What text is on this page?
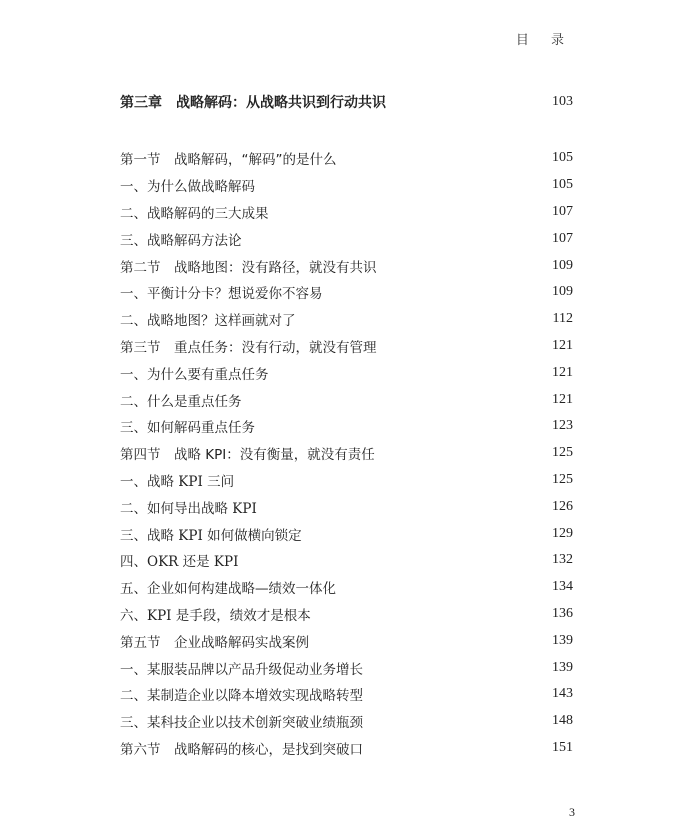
目 录
第三章　战略解码：从战略共识到行动共识	103
第一节　战略解码，“解码”的是什么	105
一、为什么做战略解码	105
二、战略解码的三大成果	107
三、战略解码方法论	107
第二节　战略地图：没有路径，就没有共识	109
一、平衡计分卡？想说爱你不容易	109
二、战略地图？这样画就对了	112
第三节　重点任务：没有行动，就没有管理	121
一、为什么要有重点任务	121
二、什么是重点任务	121
三、如何解码重点任务	123
第四节　战略 KPI：没有衡量，就没有责任	125
一、战略 KPI 三问	125
二、如何导出战略 KPI	126
三、战略 KPI 如何做横向锁定	129
四、OKR 还是 KPI	132
五、企业如何构建战略—绩效一体化	134
六、KPI 是手段，绩效才是根本	136
第五节　企业战略解码实战案例	139
一、某服装品牌以产品升级促动业务增长	139
二、某制造企业以降本增效实现战略转型	143
三、某科技企业以技术创新突破业绩瓶颈	148
第六节　战略解码的核心，是找到突破口	151
3
